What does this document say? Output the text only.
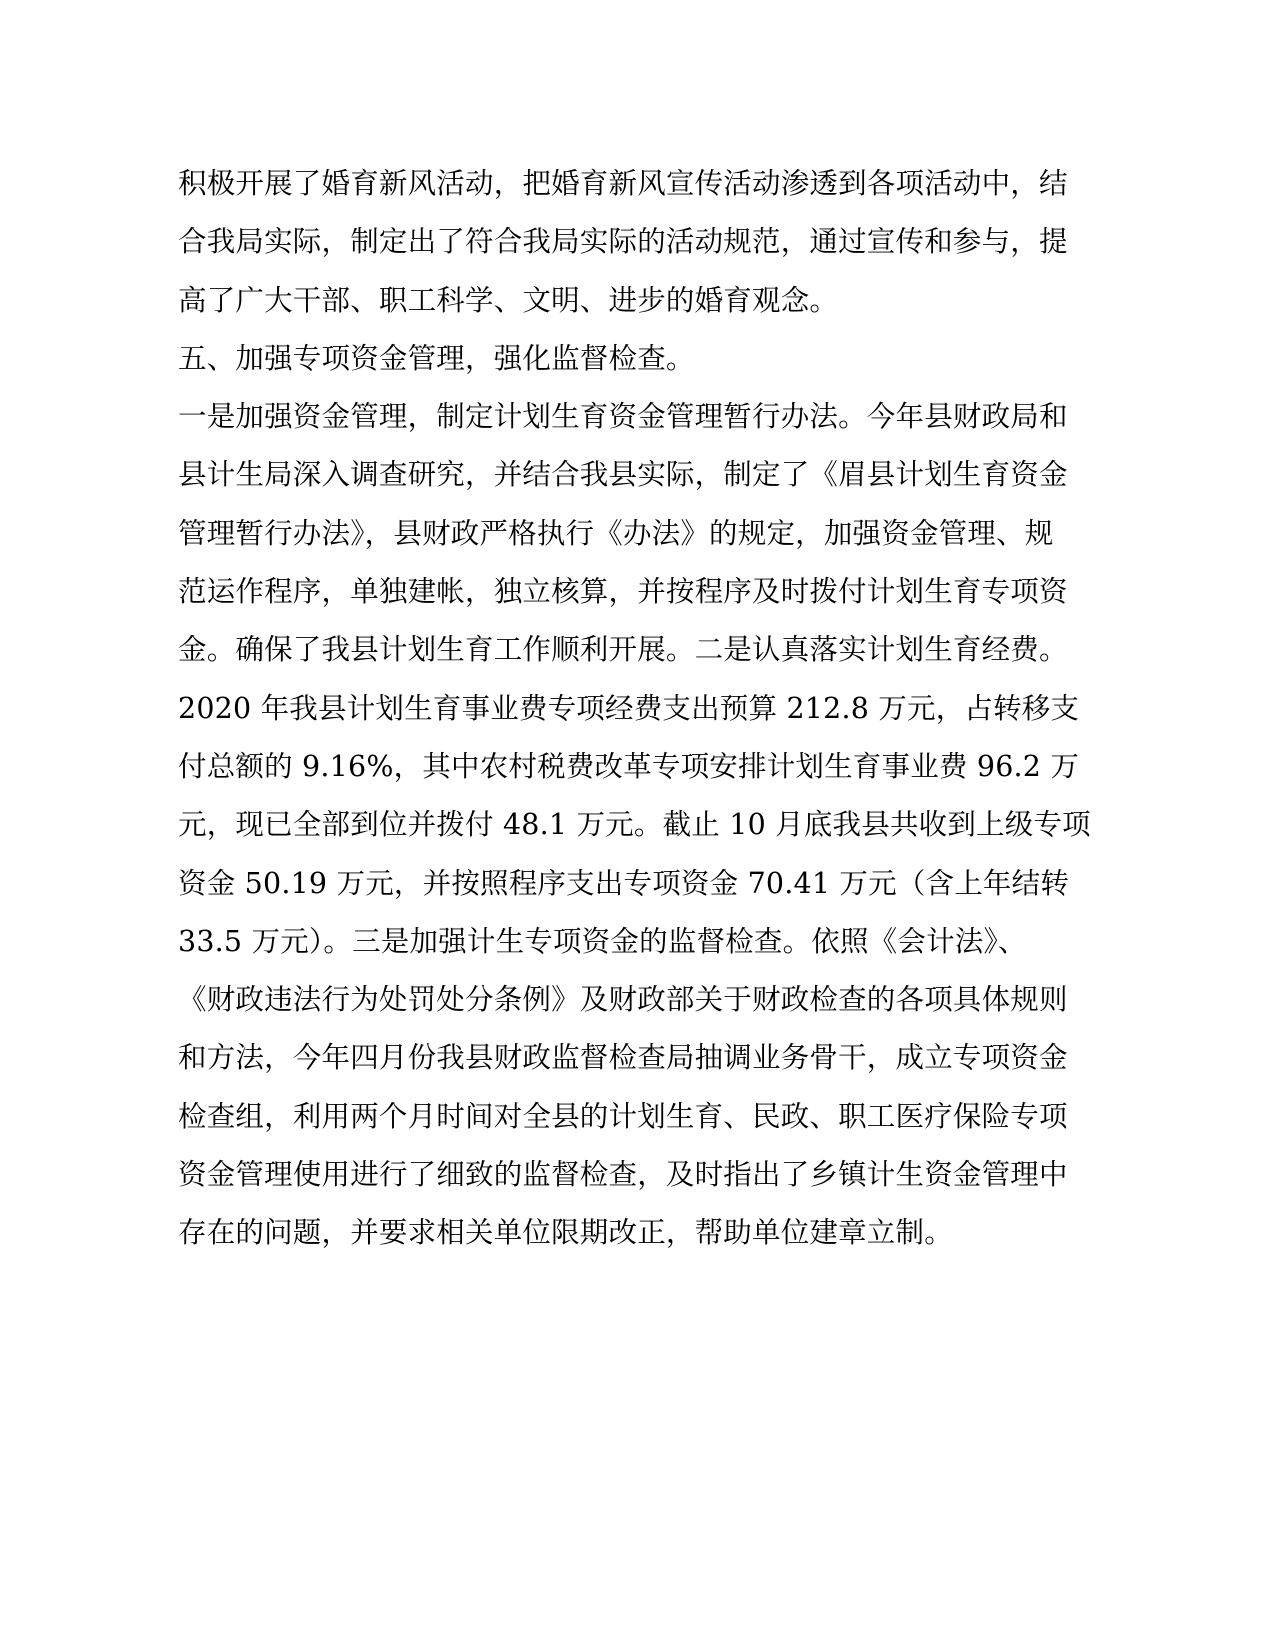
积极开展了婚育新风活动，把婚育新风宣传活动渗透到各项活动中，结
合我局实际，制定出了符合我局实际的活动规范，通过宣传和参与，提
高了广大干部、职工科学、文明、进步的婚育观念。
五、加强专项资金管理，强化监督检查。
一是加强资金管理，制定计划生育资金管理暂行办法。今年县财政局和
县计生局深入调查研究，并结合我县实际，制定了《眉县计划生育资金
管理暂行办法》，县财政严格执行《办法》的规定，加强资金管理、规
范运作程序，单独建帐，独立核算，并按程序及时拨付计划生育专项资
金。确保了我县计划生育工作顺利开展。二是认真落实计划生育经费。
2020 年我县计划生育事业费专项经费支出预算 212.8 万元，占转移支
付总额的 9.16%，其中农村税费改革专项安排计划生育事业费 96.2 万
元，现已全部到位并拨付 48.1 万元。截止 10 月底我县共收到上级专项
资金 50.19 万元，并按照程序支出专项资金 70.41 万元（含上年结转
33.5 万元）。三是加强计生专项资金的监督检查。依照《会计法》、
《财政违法行为处罚处分条例》及财政部关于财政检查的各项具体规则
和方法，今年四月份我县财政监督检查局抽调业务骨干，成立专项资金
检查组，利用两个月时间对全县的计划生育、民政、职工医疗保险专项
资金管理使用进行了细致的监督检查，及时指出了乡镇计生资金管理中
存在的问题，并要求相关单位限期改正，帮助单位建章立制。
